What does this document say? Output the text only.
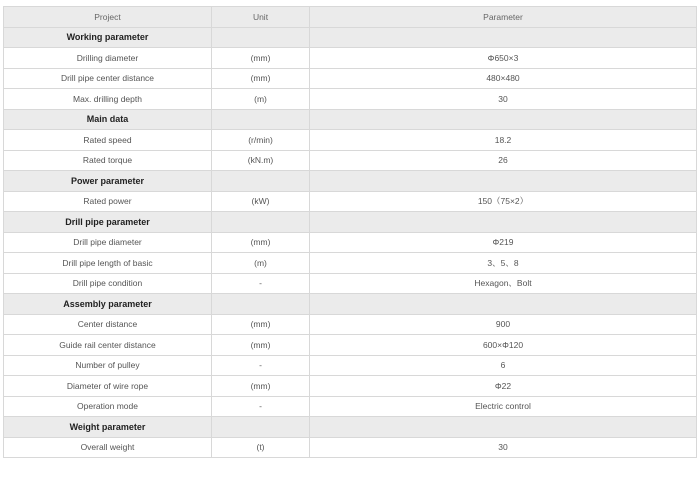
Project	Unit	Parameter
Working parameter		
Drilling diameter	(mm)	Φ650×3
Drill pipe center distance	(mm)	480×480
Max. drilling depth	(m)	30
Main data		
Rated speed	(r/min)	18.2
Rated torque	(kN.m)	26
Power parameter		
Rated power	(kW)	150（75×2）
Drill pipe parameter		
Drill pipe diameter	(mm)	Φ219
Drill pipe length of basic	(m)	3、5、8
Drill pipe condition	-	Hexagon、Bolt
Assembly parameter		
Center distance	(mm)	900
Guide rail center distance	(mm)	600×Φ120
Number of pulley	-	6
Diameter of wire rope	(mm)	Φ22
Operation mode	-	Electric control
Weight parameter		
Overall weight	(t)	30
